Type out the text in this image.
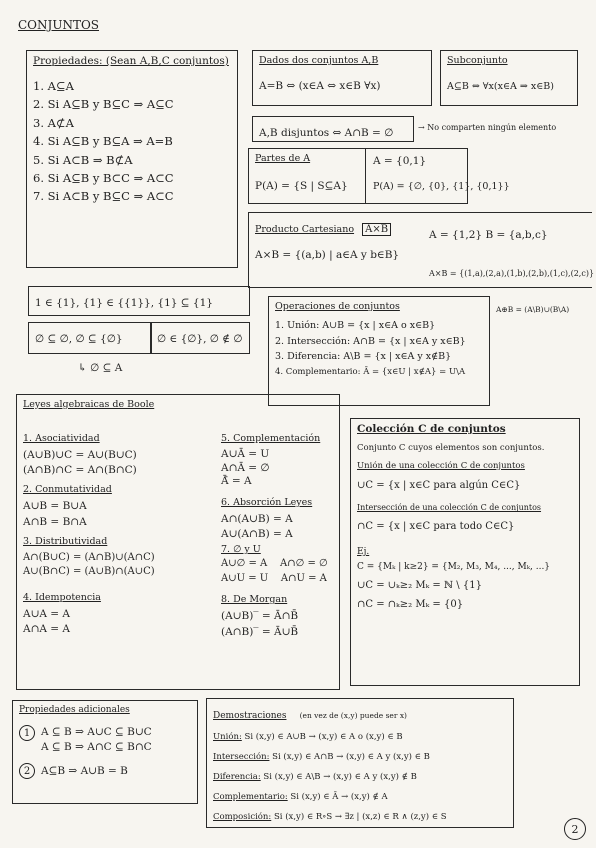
CONJUNTOS
Propiedades: (Sean A,B,C conjuntos)
1. A⊆A
2. Si A⊆B y B⊆C ⇒ A⊆C
3. A⊄A
4. Si A⊆B y B⊆A ⇒ A=B
5. Si A⊂B ⇒ B⊄A
6. Si A⊆B y B⊂C ⇒ A⊂C
7. Si A⊂B y B⊆C ⇒ A⊂C
Dados dos conjuntos A,B
A=B ⇔ (x∈A ⇔ x∈B ∀x)
Subconjunto
A⊆B ⇔ ∀x(x∈A ⇒ x∈B)
A,B disjuntos ⇔ A∩B = ∅	→ No comparten ningún elemento
Partes de A
P(A) = {S | S⊆A}
A = {0,1}
P(A) = {∅, {0}, {1}, {0,1}}
Producto Cartesiano A×B	A = {1,2} B = {a,b,c}
A×B = {(a,b) | a∈A y b∈B}
A×B = {(1,a),(2,a),(1,b),(2,b),(1,c),(2,c)}
1 ∈ {1}, {1} ∈ {{1}}, {1} ⊆ {1}
∅ ⊆ ∅, ∅ ⊆ {∅}	∅ ∈ {∅}, ∅ ∉ ∅
↳ ∅ ⊆ A
Operaciones de conjuntos
1. Unión: A∪B = {x | x∈A o x∈B}
2. Intersección: A∩B = {x | x∈A y x∈B}
3. Diferencia: A\B = {x | x∈A y x∉B}
4. Complementario: Ā = {x∈U | x∉A} = U\A
A⊕B = (A\B)∪(B\A)
Leyes algebraicas de Boole
1. Asociatividad
(A∪B)∪C = A∪(B∪C)
(A∩B)∩C = A∩(B∩C)
2. Conmutatividad
A∪B = B∪A
A∩B = B∩A
3. Distributividad
A∩(B∪C) = (A∩B)∪(A∩C)
A∪(B∩C) = (A∪B)∩(A∪C)
4. Idempotencia
A∪A = A
A∩A = A
5. Complementación
A∪Ā = U
A∩Ā = ∅
Ā̄ = A
6. Absorción Leyes
A∩(A∪B) = A
A∪(A∩B) = A
7. ∅ y U
A∪∅ = A    A∩∅ = ∅
A∪U = U    A∩U = A
8. De Morgan
(A∪B)‾ = Ā∩B̄
(A∩B)‾ = Ā∪B̄
Colección C de conjuntos
Conjunto C cuyos elementos son conjuntos.
Unión de una colección C de conjuntos
∪C = {x | x∈C para algún C∈C}
Intersección de una colección C de conjuntos
∩C = {x | x∈C para todo C∈C}
Ej.
C = {Mₖ | k≥2} = {M₂, M₃, M₄, ..., Mₖ, ...}
∪C = ∪ₖ≥₂ Mₖ = ℕ \ {1}
∩C = ∩ₖ≥₂ Mₖ = {0}
Propiedades adicionales
1	A ⊆ B ⇒ A∪C ⊆ B∪C
A ⊆ B ⇒ A∩C ⊆ B∩C
2	A⊆B ⇒ A∪B = B
Demostraciones (en vez de (x,y) puede ser x)
Unión: Si (x,y) ∈ A∪B → (x,y) ∈ A o (x,y) ∈ B
Intersección: Si (x,y) ∈ A∩B → (x,y) ∈ A y (x,y) ∈ B
Diferencia: Si (x,y) ∈ A\B → (x,y) ∈ A y (x,y) ∉ B
Complementario: Si (x,y) ∈ Ā → (x,y) ∉ A
Composición: Si (x,y) ∈ R∘S → ∃z | (x,z) ∈ R ∧ (z,y) ∈ S
2
